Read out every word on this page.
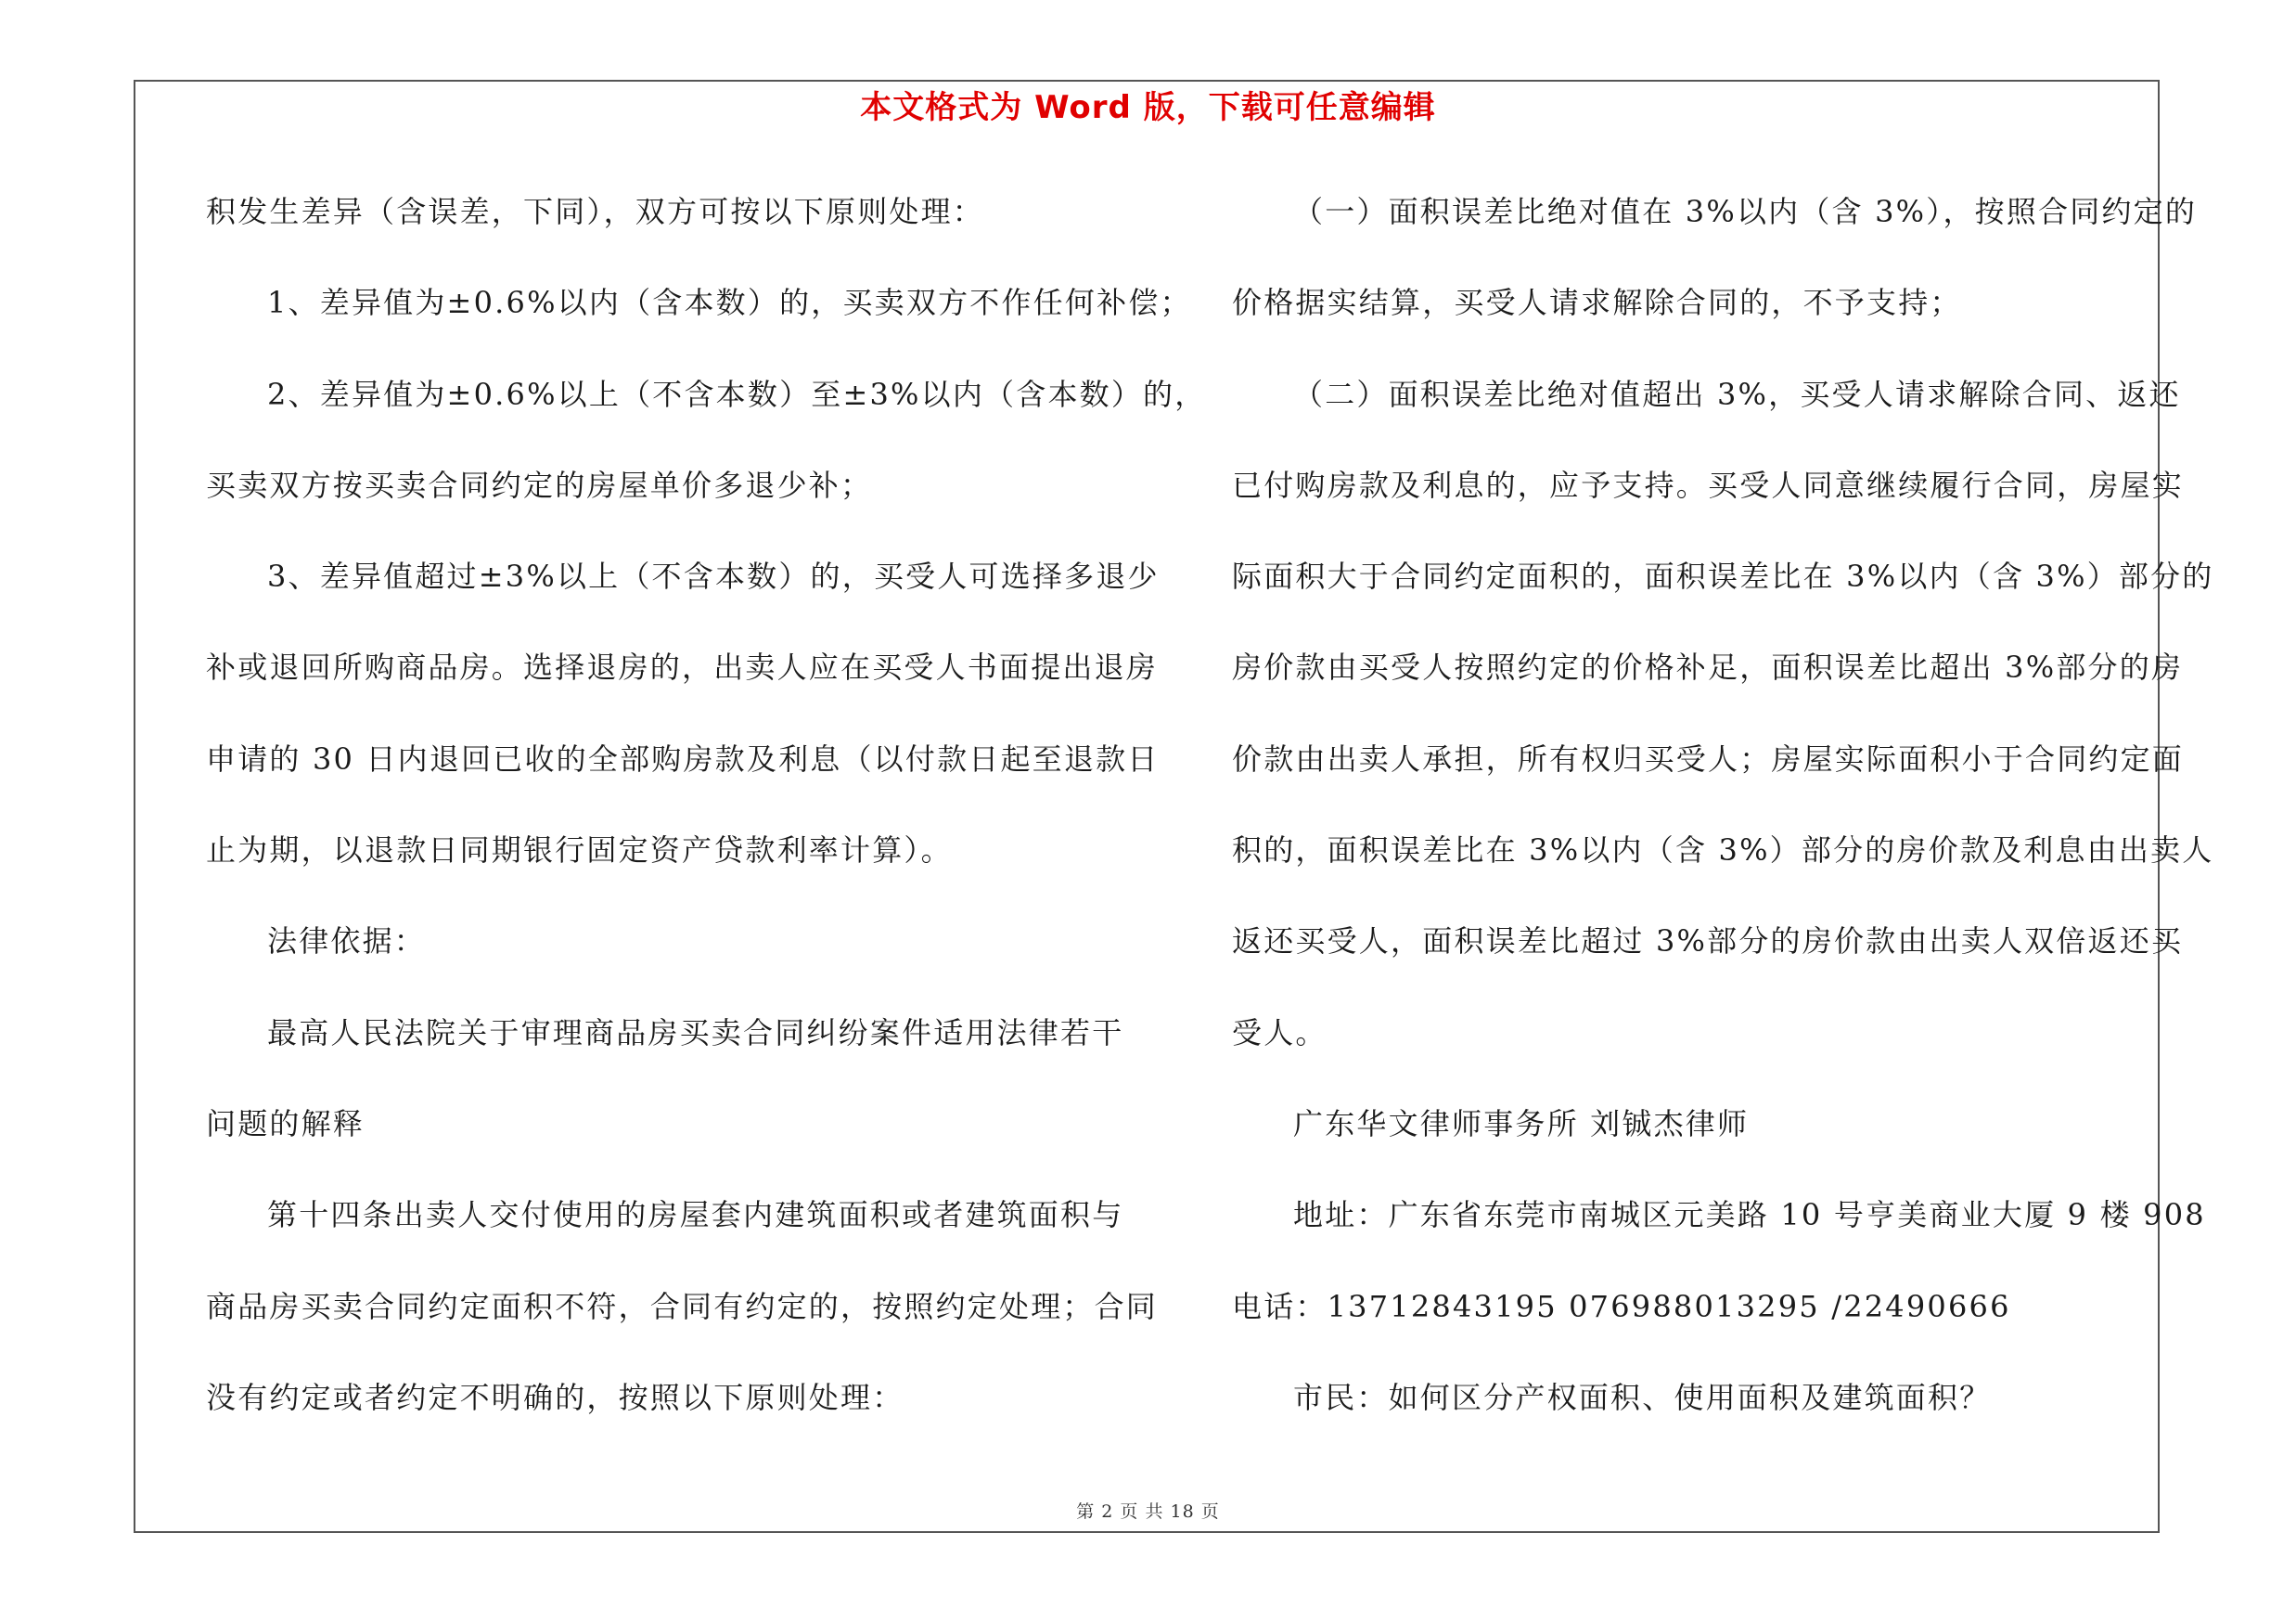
本文格式为 Word 版，下载可任意编辑
积发生差异（含误差，下同），双方可按以下原则处理：
1、差异值为±0.6%以内（含本数）的，买卖双方不作任何补偿；
2、差异值为±0.6%以上（不含本数）至±3%以内（含本数）的，
买卖双方按买卖合同约定的房屋单价多退少补；
3、差异值超过±3%以上（不含本数）的，买受人可选择多退少
补或退回所购商品房。选择退房的，出卖人应在买受人书面提出退房
申请的 30 日内退回已收的全部购房款及利息（以付款日起至退款日
止为期，以退款日同期银行固定资产贷款利率计算）。
法律依据：
最高人民法院关于审理商品房买卖合同纠纷案件适用法律若干
问题的解释
第十四条出卖人交付使用的房屋套内建筑面积或者建筑面积与
商品房买卖合同约定面积不符，合同有约定的，按照约定处理；合同
没有约定或者约定不明确的，按照以下原则处理：
（一）面积误差比绝对值在 3%以内（含 3%），按照合同约定的
价格据实结算，买受人请求解除合同的，不予支持；
（二）面积误差比绝对值超出 3%，买受人请求解除合同、返还
已付购房款及利息的，应予支持。买受人同意继续履行合同，房屋实
际面积大于合同约定面积的，面积误差比在 3%以内（含 3%）部分的
房价款由买受人按照约定的价格补足，面积误差比超出 3%部分的房
价款由出卖人承担，所有权归买受人；房屋实际面积小于合同约定面
积的，面积误差比在 3%以内（含 3%）部分的房价款及利息由出卖人
返还买受人，面积误差比超过 3%部分的房价款由出卖人双倍返还买
受人。
广东华文律师事务所 刘铖杰律师
地址：广东省东莞市南城区元美路 10 号亨美商业大厦 9 楼 908
电话：13712843195 076988013295 /22490666
市民：如何区分产权面积、使用面积及建筑面积？
第 2 页 共 18 页
